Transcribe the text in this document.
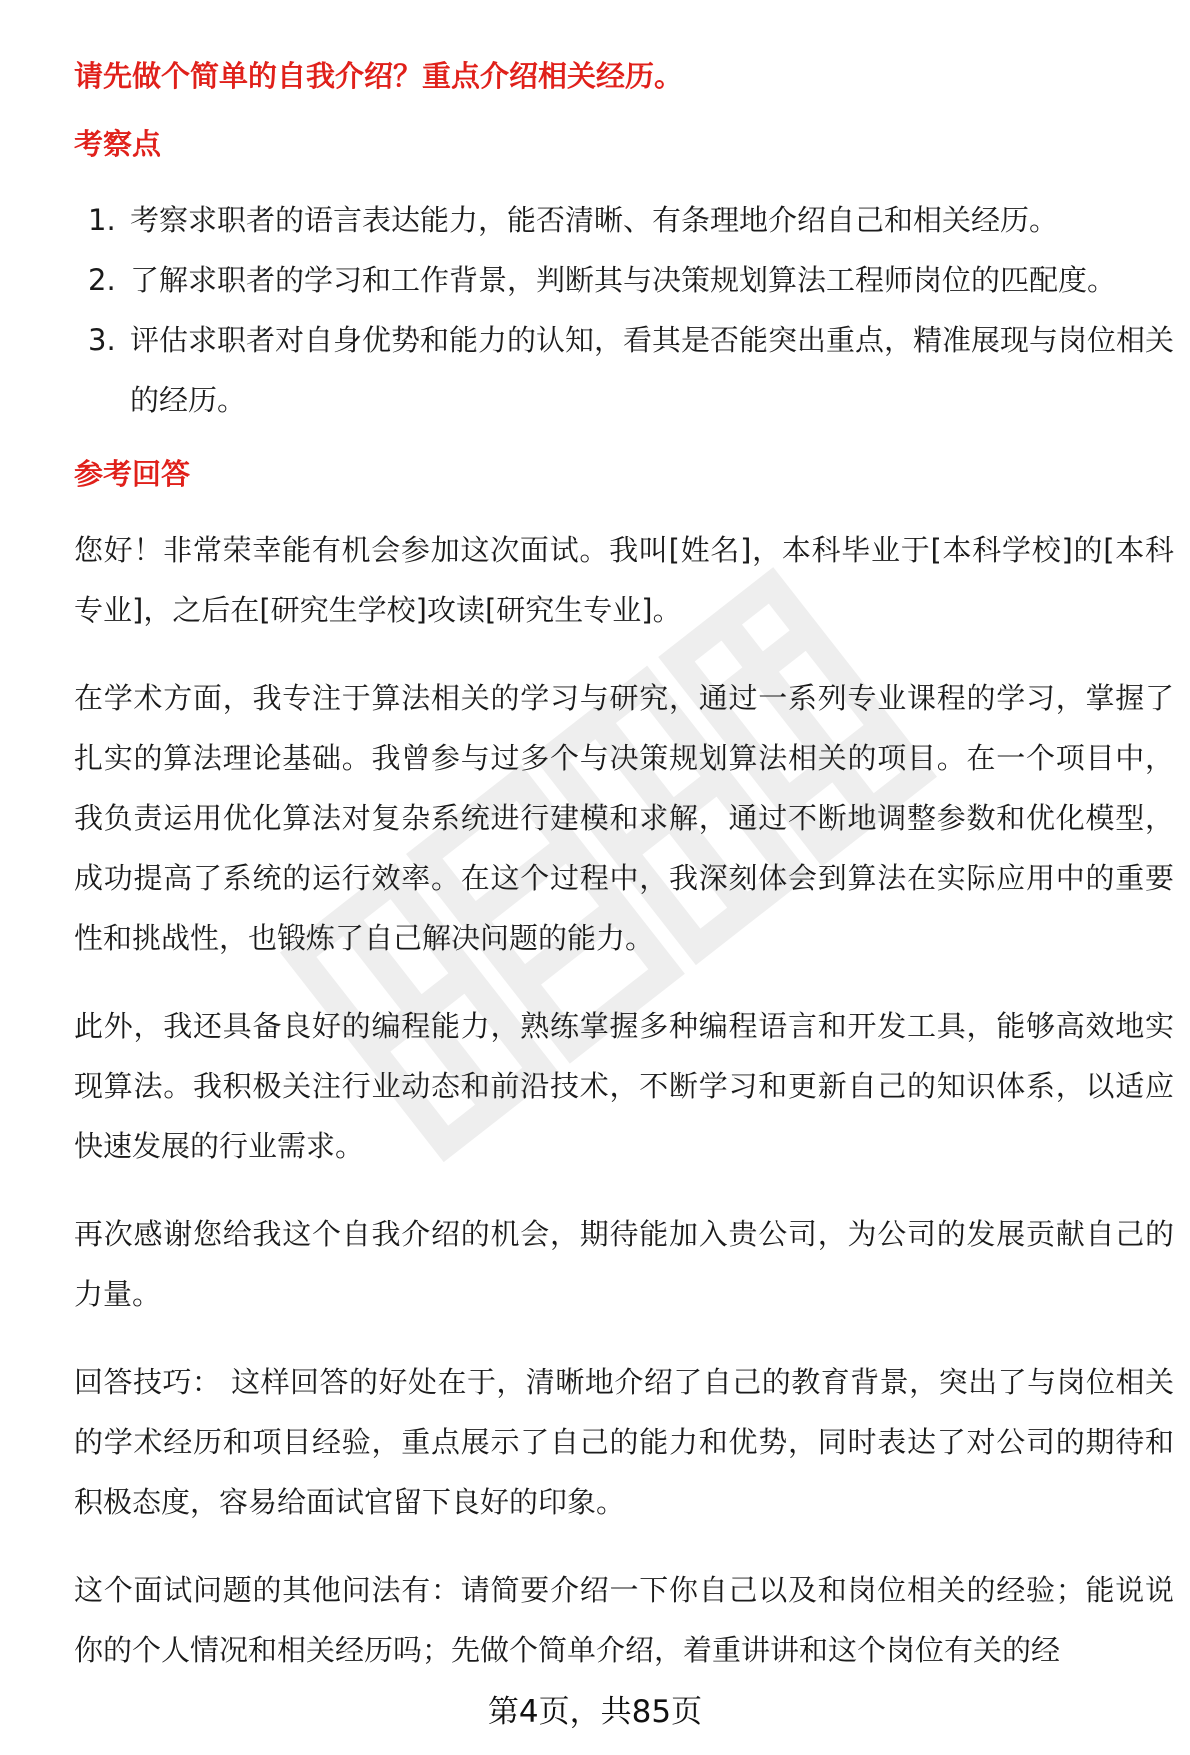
请先做个简单的自我介绍？重点介绍相关经历。

考察点
1. 考察求职者的语言表达能力，能否清晰、有条理地介绍自己和相关经历。
2. 了解求职者的学习和工作背景，判断其与决策规划算法工程师岗位的匹配度。
3. 评估求职者对自身优势和能力的认知，看其是否能突出重点，精准展现与岗位相关的经历。
参考回答

您好！非常荣幸能有机会参加这次面试。我叫[姓名]，本科毕业于[本科学校]的[本科专业]，之后在[研究生学校]攻读[研究生专业]。

在学术方面，我专注于算法相关的学习与研究，通过一系列专业课程的学习，掌握了扎实的算法理论基础。我曾参与过多个与决策规划算法相关的项目。在一个项目中，我负责运用优化算法对复杂系统进行建模和求解，通过不断地调整参数和优化模型，成功提高了系统的运行效率。在这个过程中，我深刻体会到算法在实际应用中的重要性和挑战性，也锻炼了自己解决问题的能力。

此外，我还具备良好的编程能力，熟练掌握多种编程语言和开发工具，能够高效地实现算法。我积极关注行业动态和前沿技术，不断学习和更新自己的知识体系，以适应快速发展的行业需求。

再次感谢您给我这个自我介绍的机会，期待能加入贵公司，为公司的发展贡献自己的力量。

回答技巧： 这样回答的好处在于，清晰地介绍了自己的教育背景，突出了与岗位相关的学术经历和项目经验，重点展示了自己的能力和优势，同时表达了对公司的期待和积极态度，容易给面试官留下良好的印象。

这个面试问题的其他问法有：请简要介绍一下你自己以及和岗位相关的经验；能说说你的个人情况和相关经历吗；先做个简单介绍，着重讲讲和这个岗位有关的经

第4页，共85页
